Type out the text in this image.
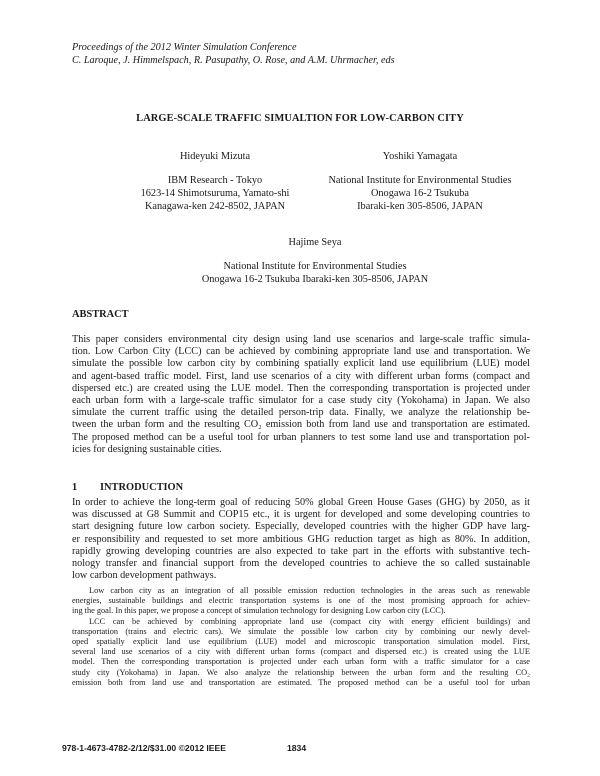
Proceedings of the 2012 Winter Simulation Conference
C. Laroque, J. Himmelspach, R. Pasupathy, O. Rose, and A.M. Uhrmacher, eds
LARGE-SCALE TRAFFIC SIMUALTION FOR LOW-CARBON CITY
Hideyuki Mizuta
IBM Research - Tokyo
1623-14 Shimotsuruma, Yamato-shi
Kanagawa-ken 242-8502, JAPAN
Yoshiki Yamagata
National Institute for Environmental Studies
Onogawa 16-2 Tsukuba
Ibaraki-ken 305-8506, JAPAN
Hajime Seya
National Institute for Environmental Studies
Onogawa 16-2 Tsukuba Ibaraki-ken 305-8506, JAPAN
ABSTRACT
This paper considers environmental city design using land use scenarios and large-scale traffic simula-
tion. Low Carbon City (LCC) can be achieved by combining appropriate land use and transportation. We
simulate the possible low carbon city by combining spatially explicit land use equilibrium (LUE) model
and agent-based traffic model. First, land use scenarios of a city with different urban forms (compact and
dispersed etc.) are created using the LUE model. Then the corresponding transportation is projected under
each urban form with a large-scale traffic simulator for a case study city (Yokohama) in Japan. We also
simulate the current traffic using the detailed person-trip data. Finally, we analyze the relationship be-
tween the urban form and the resulting CO₂ emission both from land use and transportation are estimated.
The proposed method can be a useful tool for urban planners to test some land use and transportation pol-
icies for designing sustainable cities.
1 INTRODUCTION
In order to achieve the long-term goal of reducing 50% global Green House Gases (GHG) by 2050, as it
was discussed at G8 Summit and COP15 etc., it is urgent for developed and some developing countries to
start designing future low carbon society. Especially, developed countries with the higher GDP have larg-
er responsibility and requested to set more ambitious GHG reduction target as high as 80%. In addition,
rapidly growing developing countries are also expected to take part in the efforts with substantive tech-
nology transfer and financial support from the developed countries to achieve the so called sustainable
low carbon development pathways.
Low carbon city as an integration of all possible emission reduction technologies in the areas such as renewable
energies, sustainable buildings and electric transportation systems is one of the most promising approach for achiev-
ing the goal. In this paper, we propose a concept of simulation technology for designing Low carbon city (LCC).
LCC can be achieved by combining appropriate land use (compact city with energy efficient buildings) and
transportation (trains and electric cars). We simulate the possible low carbon city by combining our newly devel-
oped spatially explicit land use equilibrium (LUE) model and microscopic transportation simulation model. First,
several land use scenarios of a city with different urban forms (compact and dispersed etc.) is created using the LUE
model. Then the corresponding transportation is projected under each urban form with a traffic simulator for a case
study city (Yokohama) in Japan. We also analyze the relationship between the urban form and the resulting CO₂
emission both from land use and transportation are estimated. The proposed method can be a useful tool for urban
978-1-4673-4782-2/12/$31.00 ©2012 IEEE	1834
